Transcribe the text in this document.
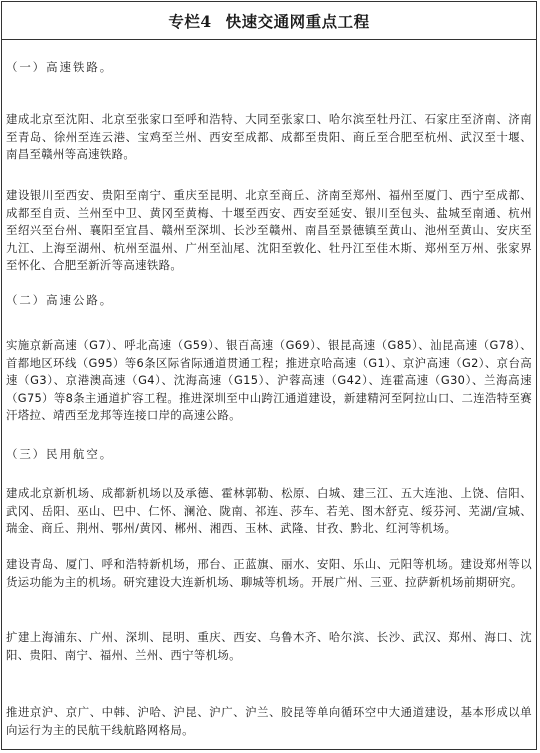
专栏4 快速交通网重点工程
（一）高速铁路。
建成北京至沈阳、北京至张家口至呼和浩特、大同至张家口、哈尔滨至牡丹江、石家庄至济南、济南至青岛、徐州至连云港、宝鸡至兰州、西安至成都、成都至贵阳、商丘至合肥至杭州、武汉至十堰、南昌至赣州等高速铁路。
建设银川至西安、贵阳至南宁、重庆至昆明、北京至商丘、济南至郑州、福州至厦门、西宁至成都、成都至自贡、兰州至中卫、黄冈至黄梅、十堰至西安、西安至延安、银川至包头、盐城至南通、杭州至绍兴至台州、襄阳至宜昌、赣州至深圳、长沙至赣州、南昌至景德镇至黄山、池州至黄山、安庆至九江、上海至湖州、杭州至温州、广州至汕尾、沈阳至敦化、牡丹江至佳木斯、郑州至万州、张家界至怀化、合肥至新沂等高速铁路。
（二）高速公路。
实施京新高速（G7）、呼北高速（G59）、银百高速（G69）、银昆高速（G85）、汕昆高速（G78）、首都地区环线（G95）等6条区际省际通道贯通工程；推进京哈高速（G1）、京沪高速（G2）、京台高速（G3）、京港澳高速（G4）、沈海高速（G15）、沪蓉高速（G42）、连霍高速（G30）、兰海高速（G75）等8条主通道扩容工程。推进深圳至中山跨江通道建设，新建精河至阿拉山口、二连浩特至赛汗塔拉、靖西至龙邦等连接口岸的高速公路。
（三）民用航空。
建成北京新机场、成都新机场以及承德、霍林郭勒、松原、白城、建三江、五大连池、上饶、信阳、武冈、岳阳、巫山、巴中、仁怀、澜沧、陇南、祁连、莎车、若羌、图木舒克、绥芬河、芜湖/宣城、瑞金、商丘、荆州、鄂州/黄冈、郴州、湘西、玉林、武隆、甘孜、黔北、红河等机场。
建设青岛、厦门、呼和浩特新机场，邢台、正蓝旗、丽水、安阳、乐山、元阳等机场。建设郑州等以货运功能为主的机场。研究建设大连新机场、聊城等机场。开展广州、三亚、拉萨新机场前期研究。
扩建上海浦东、广州、深圳、昆明、重庆、西安、乌鲁木齐、哈尔滨、长沙、武汉、郑州、海口、沈阳、贵阳、南宁、福州、兰州、西宁等机场。
推进京沪、京广、中韩、沪哈、沪昆、沪广、沪兰、胶昆等单向循环空中大通道建设，基本形成以单向运行为主的民航干线航路网格局。
